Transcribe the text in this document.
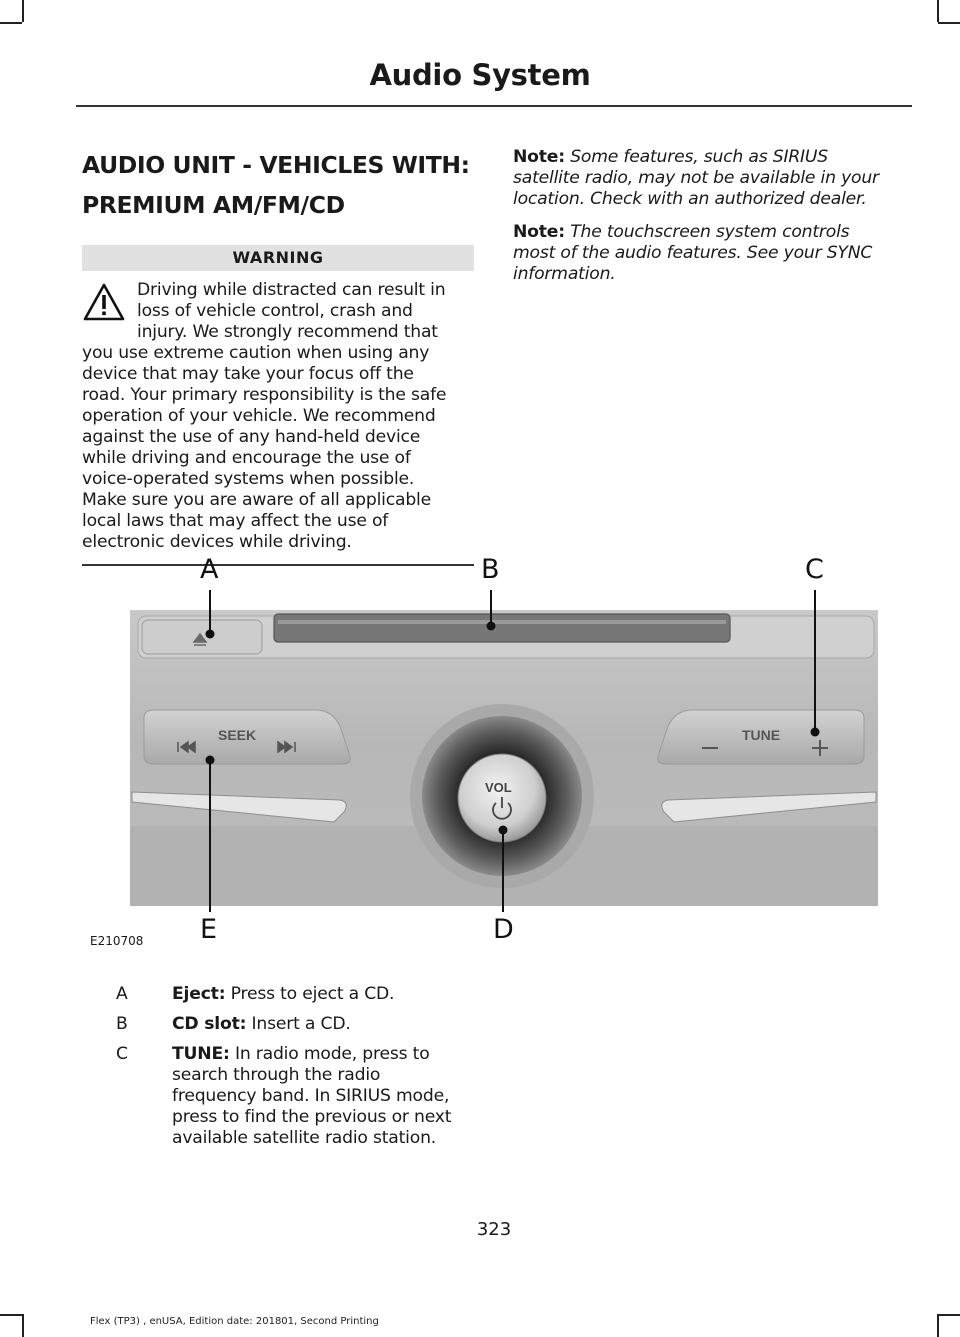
Audio System
AUDIO UNIT - VEHICLES WITH:
PREMIUM AM/FM/CD
WARNING
Driving while distracted can result in
loss of vehicle control, crash and
injury. We strongly recommend that
you use extreme caution when using any
device that may take your focus off the
road. Your primary responsibility is the safe
operation of your vehicle. We recommend
against the use of any hand-held device
while driving and encourage the use of
voice-operated systems when possible.
Make sure you are aware of all applicable
local laws that may affect the use of
electronic devices while driving.
Note: Some features, such as SIRIUS
satellite radio, may not be available in your
location. Check with an authorized dealer.
Note: The touchscreen system controls
most of the audio features. See your SYNC
information.
SEEK	TUNE
VOL
A	B	C
D
E
E210708
A	Eject: Press to eject a CD.
B	CD slot: Insert a CD.
C	TUNE: In radio mode, press to
search through the radio
frequency band. In SIRIUS mode,
press to find the previous or next
available satellite radio station.
323
Flex (TP3) , enUSA, Edition date: 201801, Second Printing
